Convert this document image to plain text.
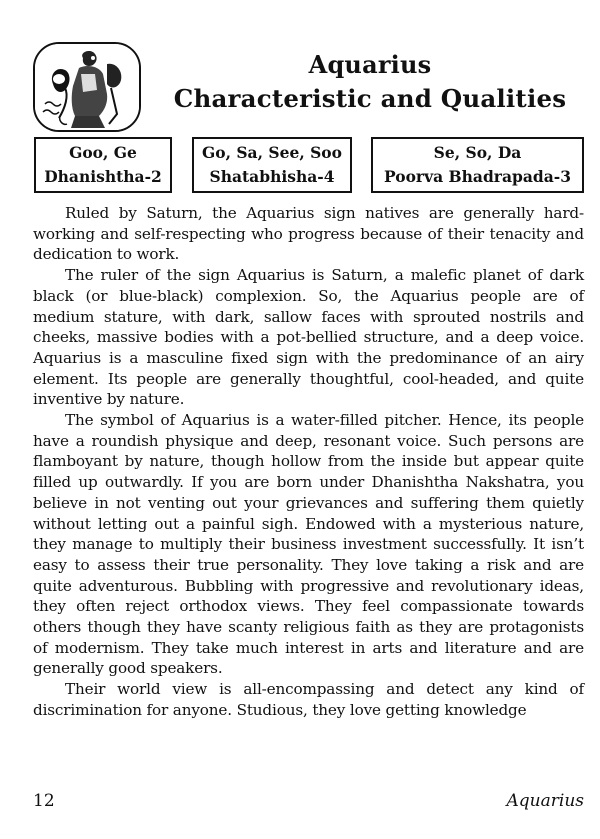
Aquarius
Characteristic and Qualities
Goo, Ge
Dhanishtha-2
Go, Sa, See, Soo
Shatabhisha-4
Se, So, Da
Poorva Bhadrapada-3

Ruled by Saturn, the Aquarius sign natives are generally hard-working and self-respecting who progress because of their tenacity and dedication to work.

The ruler of the sign Aquarius is Saturn, a malefic planet of dark black (or blue-black) complexion. So, the Aquarius people are of medium stature, with dark, sallow faces with sprouted nostrils and cheeks, massive bodies with a pot-bellied structure, and a deep voice. Aquarius is a masculine fixed sign with the predominance of an airy element. Its people are generally thoughtful, cool-headed, and quite inventive by nature.

The symbol of Aquarius is a water-filled pitcher. Hence, its people have a roundish physique and deep, resonant voice. Such persons are flamboyant by nature, though hollow from the inside but appear quite filled up outwardly. If you are born under Dhanishtha Nakshatra, you believe in not venting out your grievances and suffering them quietly without letting out a painful sigh. Endowed with a mysterious nature, they manage to multiply their business investment successfully. It isn’t easy to assess their true personality. They love taking a risk and are quite adventurous. Bubbling with progressive and revolutionary ideas, they often reject orthodox views. They feel compassionate towards others though they have scanty religious faith as they are protagonists of modernism. They take much interest in arts and literature and are generally good speakers.

Their world view is all-encompassing and detect any kind of discrimination for anyone. Studious, they love getting knowledge

12	Aquarius
